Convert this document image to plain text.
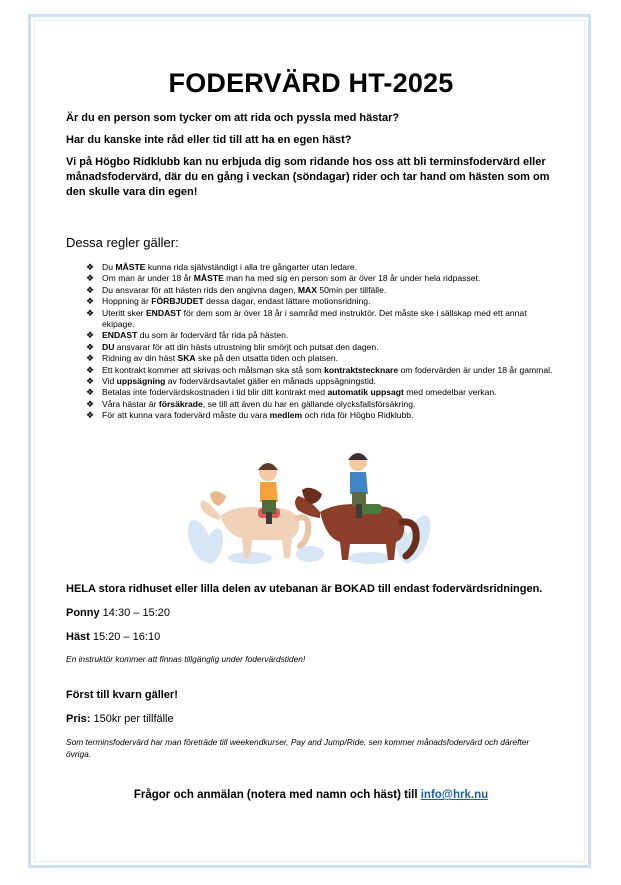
FODERVÄRD HT-2025

Är du en person som tycker om att rida och pyssla med hästar?

Har du kanske inte råd eller tid till att ha en egen häst?

Vi på Högbo Ridklubb kan nu erbjuda dig som ridande hos oss att bli terminsfodervärd eller månadsfodervärd, där du en gång i veckan (söndagar) rider och tar hand om hästen som om den skulle vara din egen!

Dessa regler gäller:

❖ Du MÅSTE kunna rida självständigt i alla tre gångarter utan ledare.
❖ Om man är under 18 år MÅSTE man ha med sig en person som är över 18 år under hela ridpasset.
❖ Du ansvarar för att hästen rids den angivna dagen, MAX 50min per tillfälle.
❖ Hoppning är FÖRBJUDET dessa dagar, endast lättare motionsridning.
❖ Uteritt sker ENDAST för dem som är över 18 år i samråd med instruktör. Det måste ske i sällskap med ett annat ekipage.
❖ ENDAST du som är fodervärd får rida på hästen.
❖ DU ansvarar för att din hästs utrustning blir smörjt och putsat den dagen.
❖ Ridning av din häst SKA ske på den utsatta tiden och platsen.
❖ Ett kontrakt kommer att skrivas och målsman ska stå som kontraktstecknare om fodervärden är under 18 år gammal.
❖ Vid uppsägning av fodervärdsavtalet gäller en månads uppsägningstid.
❖ Betalas inte fodervärdskostnaden i tid blir ditt kontrakt med automatik uppsagt med omedelbar verkan.
❖ Våra hästar är försäkrade, se till att även du har en gällande olycksfallsförsäkring.
❖ För att kunna vara fodervärd måste du vara medlem och rida för Högbo Ridklubb.

HELA stora ridhuset eller lilla delen av utebanan är BOKAD till endast fodervärdsridningen.

Ponny 14:30 – 15:20

Häst 15:20 – 16:10

En instruktör kommer att finnas tillgänglig under fodervärdstiden!

Först till kvarn gäller!

Pris: 150kr per tillfälle

Som terminsfodervärd har man företräde till weekendkurser, Pay and Jump/Ride, sen kommer månadsfodervärd och därefter övriga.

Frågor och anmälan (notera med namn och häst) till info@hrk.nu
